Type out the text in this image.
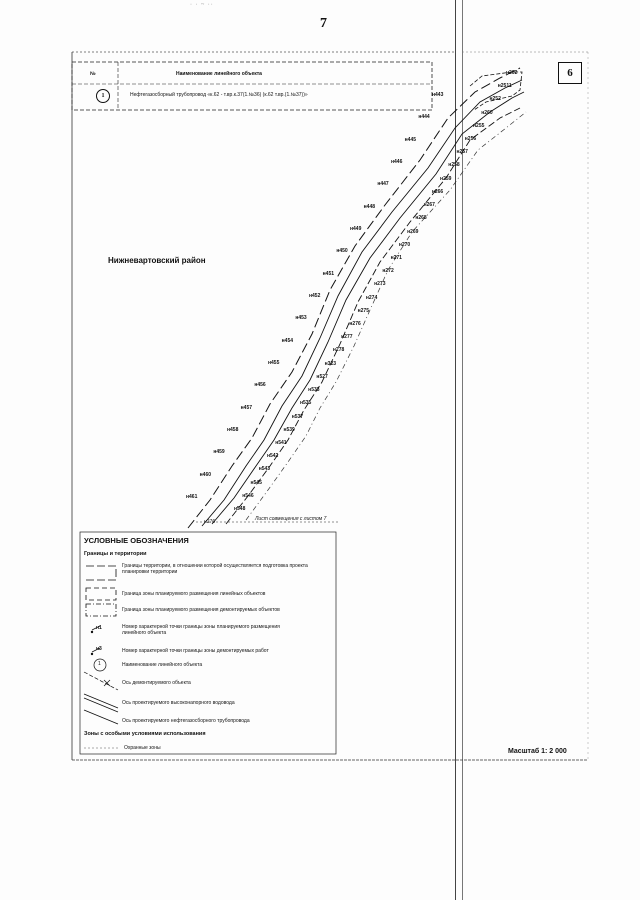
· · ~ ··
7
н443
н444
н445
н446
н447
н448
н449
н450
н451
н452
н453
н454
н455
н456
н457
н458
н459
н460
н461
н262
н2511
н252
н260
н255
н256
н257
н258
н259
н266
н267
н268
н269
н270
н271
н272
н273
н274
н275
н276
н277
н278
н323
н527
н533
н535
н537
н539
н541
н542
н543
н545
н546
н548
6
№	Наименование линейного объекта
1	Нефтегазосборный трубопровод «к.62 - т.вр.к.37(1.№36) (к.62 т.вр.(1.№37))»
Нижневартовский район
Лист совмещения с листом 7
н276
УСЛОВНЫЕ ОБОЗНАЧЕНИЯ
Границы и территории
Границы территории, в отношении которой осуществляется подготовка проекта планировки территории
Граница зоны планируемого размещения линейных объектов
Граница зоны планируемого размещения демонтируемых объектов
н1	Номер характерной точки границы зоны планируемого размещения линейного объекта
н3	Номер характерной точки границы зоны демонтируемых работ
1	Наименование линейного объекта
Ось демонтируемого объекта
Ось проектируемого высоконапорного водовода
Ось проектируемого нефтегазосборного трубопровода
Зоны с особыми условиями использования
Охранные зоны	Масштаб 1: 2 000
